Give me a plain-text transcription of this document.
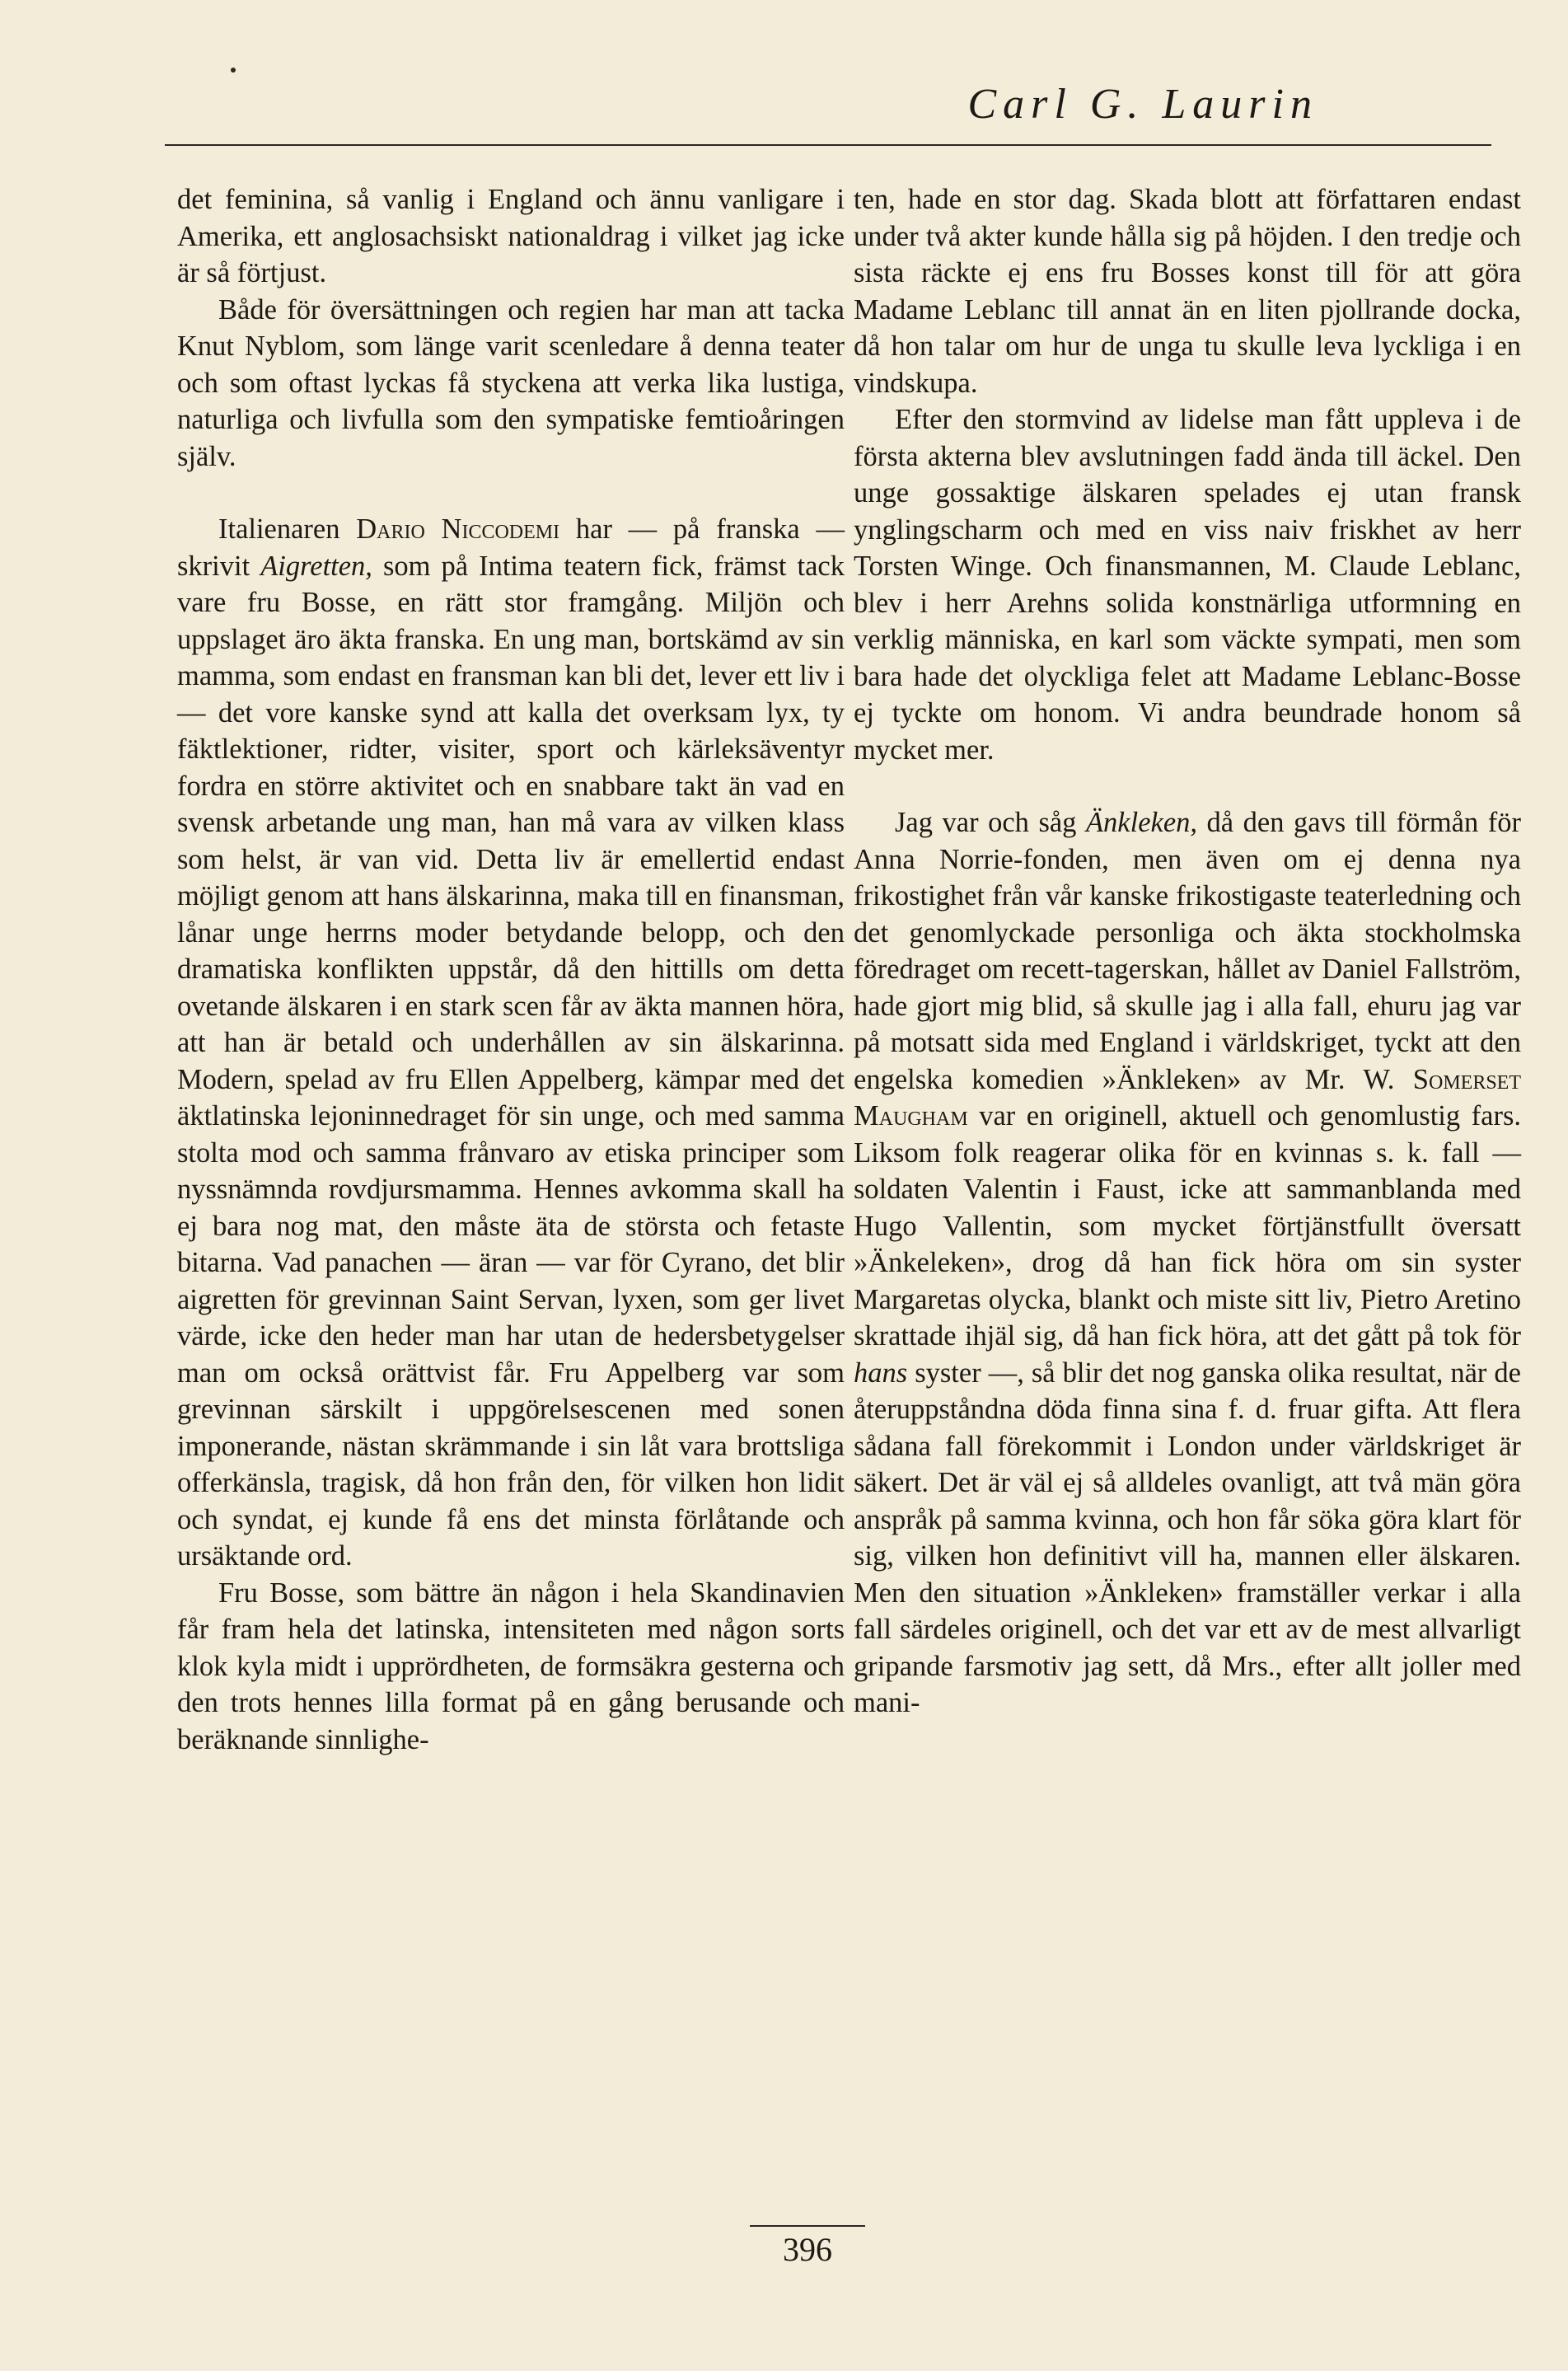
Carl G. Laurin

det feminina, så vanlig i England och ännu vanligare i Amerika, ett anglosachsiskt nationaldrag i vilket jag icke är så förtjust.

Både för översättningen och regien har man att tacka Knut Nyblom, som länge varit scenledare å denna teater och som oftast lyckas få styckena att verka lika lustiga, naturliga och livfulla som den sympatiske femtioåringen själv.

Italienaren Dario Niccodemi har — på franska — skrivit Aigretten, som på Intima teatern fick, främst tack vare fru Bosse, en rätt stor framgång. Miljön och uppslaget äro äkta franska. En ung man, bortskämd av sin mamma, som endast en fransman kan bli det, lever ett liv i — det vore kanske synd att kalla det overksam lyx, ty fäktlektioner, ridter, visiter, sport och kärleksäventyr fordra en större aktivitet och en snabbare takt än vad en svensk arbetande ung man, han må vara av vilken klass som helst, är van vid. Detta liv är emellertid endast möjligt genom att hans älskarinna, maka till en finansman, lånar unge herrns moder betydande belopp, och den dramatiska konflikten uppstår, då den hittills om detta ovetande älskaren i en stark scen får av äkta mannen höra, att han är betald och underhållen av sin älskarinna. Modern, spelad av fru Ellen Appelberg, kämpar med det äktlatinska lejoninnedraget för sin unge, och med samma stolta mod och samma frånvaro av etiska principer som nyssnämnda rovdjursmamma. Hennes avkomma skall ha ej bara nog mat, den måste äta de största och fetaste bitarna. Vad panachen — äran — var för Cyrano, det blir aigretten för grevinnan Saint Servan, lyxen, som ger livet värde, icke den heder man har utan de hedersbetygelser man om också orättvist får. Fru Appelberg var som grevinnan särskilt i uppgörelsescenen med sonen imponerande, nästan skrämmande i sin låt vara brottsliga offerkänsla, tragisk, då hon från den, för vilken hon lidit och syndat, ej kunde få ens det minsta förlåtande och ursäktande ord.

Fru Bosse, som bättre än någon i hela Skandinavien får fram hela det latinska, intensiteten med någon sorts klok kyla midt i upprördheten, de formsäkra gesterna och den trots hennes lilla format på en gång berusande och beräknande sinnlighe-

ten, hade en stor dag. Skada blott att författaren endast under två akter kunde hålla sig på höjden. I den tredje och sista räckte ej ens fru Bosses konst till för att göra Madame Leblanc till annat än en liten pjollrande docka, då hon talar om hur de unga tu skulle leva lyckliga i en vindskupa.

Efter den stormvind av lidelse man fått uppleva i de första akterna blev avslutningen fadd ända till äckel. Den unge gossaktige älskaren spelades ej utan fransk ynglingscharm och med en viss naiv friskhet av herr Torsten Winge. Och finansmannen, M. Claude Leblanc, blev i herr Arehns solida konstnärliga utformning en verklig människa, en karl som väckte sympati, men som bara hade det olyckliga felet att Madame Leblanc-Bosse ej tyckte om honom. Vi andra beundrade honom så mycket mer.

Jag var och såg Änkleken, då den gavs till förmån för Anna Norrie-fonden, men även om ej denna nya frikostighet från vår kanske frikostigaste teaterledning och det genomlyckade personliga och äkta stockholmska föredraget om recett-tagerskan, hållet av Daniel Fallström, hade gjort mig blid, så skulle jag i alla fall, ehuru jag var på motsatt sida med England i världskriget, tyckt att den engelska komedien »Änkleken» av Mr. W. Somerset Maugham var en originell, aktuell och genomlustig fars. Liksom folk reagerar olika för en kvinnas s. k. fall — soldaten Valentin i Faust, icke att sammanblanda med Hugo Vallentin, som mycket förtjänstfullt översatt »Änkeleken», drog då han fick höra om sin syster Margaretas olycka, blankt och miste sitt liv, Pietro Aretino skrattade ihjäl sig, då han fick höra, att det gått på tok för hans syster —, så blir det nog ganska olika resultat, när de återuppståndna döda finna sina f. d. fruar gifta. Att flera sådana fall förekommit i London under världskriget är säkert. Det är väl ej så alldeles ovanligt, att två män göra anspråk på samma kvinna, och hon får söka göra klart för sig, vilken hon definitivt vill ha, mannen eller älskaren. Men den situation »Änkleken» framställer verkar i alla fall särdeles originell, och det var ett av de mest allvarligt gripande farsmotiv jag sett, då Mrs., efter allt joller med mani-

396
